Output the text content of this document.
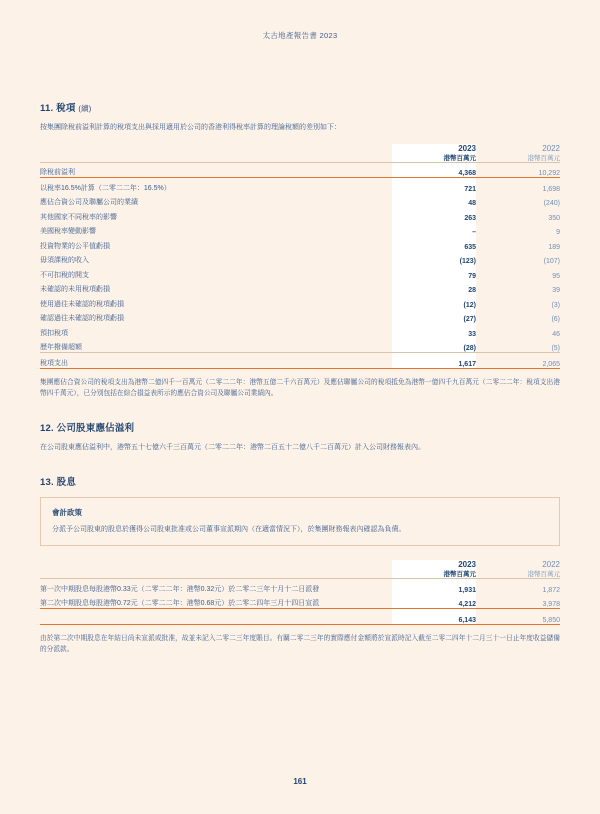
太古地產報告書 2023
11. 稅項 (續)

按集團除稅前溢利計算的稅項支出與採用適用於公司的香港利得稅率計算的理論稅額的差別如下：

	2023	2022
	港幣百萬元	港幣百萬元
除稅前溢利	4,368	10,292
以稅率16.5%計算（二零二二年：16.5%）	721	1,698
應佔合資公司及聯屬公司的業績	48	(240)
其他國家不同稅率的影響	263	350
美國稅率變動影響	–	9
投資物業的公平值虧損	635	189
毋須課稅的收入	(123)	(107)
不可扣稅的開支	79	95
未確認的未用稅項虧損	28	39
使用過往未確認的稅項虧損	(12)	(3)
確認過往未確認的稅項虧損	(27)	(6)
預扣稅項	33	46
歷年撥備超額	(28)	(5)
稅項支出	1,617	2,065

集團應佔合資公司的稅項支出為港幣二億四千一百萬元（二零二二年：港幣五億二千六百萬元）及應佔聯屬公司的稅項抵免為港幣一億四千九百萬元（二零二二年：稅項支出港幣四千萬元），已分別包括在綜合損益表所示的應佔合資公司及聯屬公司業績內。

12. 公司股東應佔溢利

在公司股東應佔溢利中，港幣五十七億六千三百萬元（二零二二年：港幣二百五十二億八千二百萬元）計入公司財務報表內。

13. 股息
會計政策
分派予公司股東的股息於獲得公司股東批准或公司董事宣派期內（在適當情況下），於集團財務報表內確認為負債。
	2023	2022
	港幣百萬元	港幣百萬元
第一次中期股息每股港幣0.33元（二零二二年：港幣0.32元）於二零二三年十月十二日派發	1,931	1,872
第二次中期股息每股港幣0.72元（二零二二年：港幣0.68元）於二零二四年三月十四日宣派	4,212	3,978
	6,143	5,850

由於第二次中期股息在年結日尚未宣派或批准，故並未記入二零二三年度賬目。有關二零二三年的實際應付金額將於宣派時記入截至二零二四年十二月三十一日止年度收益儲備的分派款。

161
